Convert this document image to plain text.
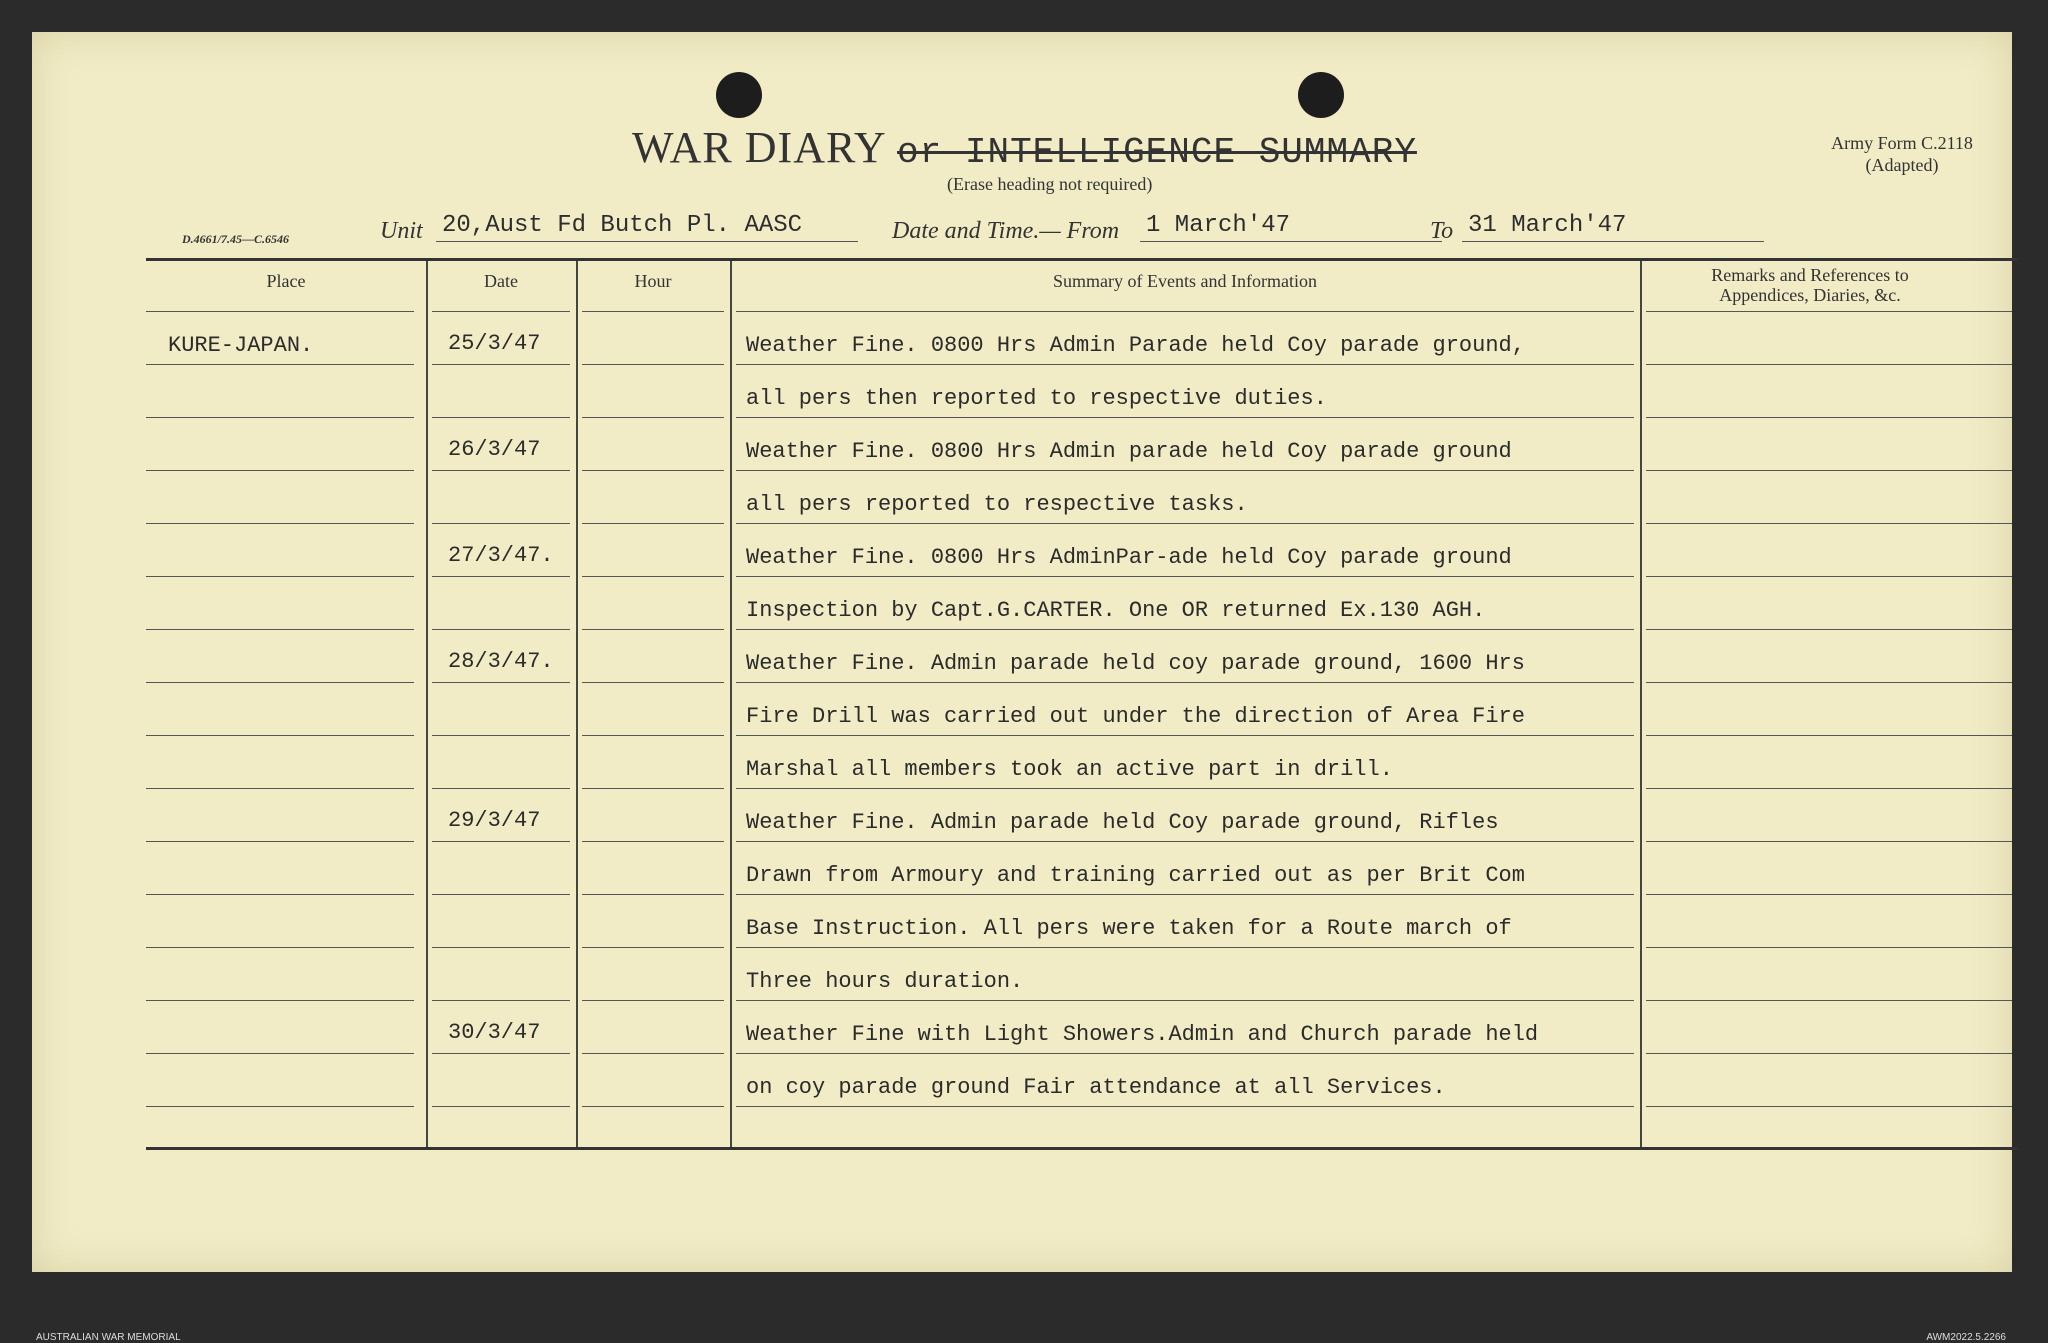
WAR DIARY or INTELLIGENCE SUMMARY
(Erase heading not required)
Army Form C.2118
(Adapted)
D.4661/7.45—C.6546	Unit 20,Aust Fd Butch Pl. AASC	Date and Time.— From 1 March'47	To 31 March'47
Place	Date	Hour	Summary of Events and Information	Remarks and References to
Appendices, Diaries, &c.
KURE-JAPAN.	25/3/47	Weather Fine. 0800 Hrs Admin Parade held Coy parade ground,
all pers then reported to respective duties.
26/3/47	Weather Fine. 0800 Hrs Admin parade held Coy parade ground
all pers reported to respective tasks.
27/3/47.	Weather Fine. 0800 Hrs AdminPar-ade held Coy parade ground
Inspection by Capt.G.CARTER. One OR returned Ex.130 AGH.
28/3/47.	Weather Fine. Admin parade held coy parade ground, 1600 Hrs
Fire Drill was carried out under the direction of Area Fire
Marshal all members took an active part in drill.
29/3/47	Weather Fine. Admin parade held Coy parade ground, Rifles
Drawn from Armoury and training carried out as per Brit Com
Base Instruction. All pers were taken for a Route march of
Three hours duration.
30/3/47	Weather Fine with Light Showers.Admin and Church parade held
on coy parade ground Fair attendance at all Services.
AUSTRALIAN WAR MEMORIAL	AWM2022.5.2266
